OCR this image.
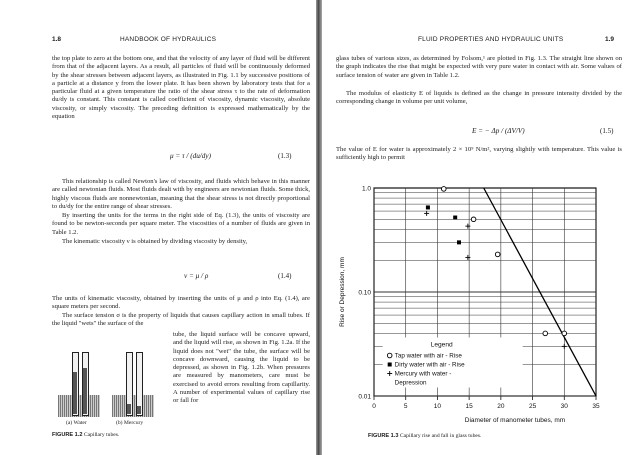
1.8	HANDBOOK OF HYDRAULICS
the top plate to zero at the bottom one, and that the velocity of any layer of fluid will be different from that of the adjacent layers. As a result, all particles of fluid will be continuously deformed by the shear stresses between adjacent layers, as illustrated in Fig. 1.1 by successive positions of a particle at a distance y from the lower plate. It has been shown by laboratory tests that for a particular fluid at a given temperature the ratio of the shear stress τ to the rate of deformation du/dy is constant. This constant is called coefficient of viscosity, dynamic viscosity, absolute viscosity, or simply viscosity. The preceding definition is expressed mathematically by the equation
μ = τ / (du/dy)	(1.3)
This relationship is called Newton's law of viscosity, and fluids which behave in this manner are called newtonian fluids. Most fluids dealt with by engineers are newtonian fluids. Some thick, highly viscous fluids are nonnewtonian, meaning that the shear stress is not directly proportional to du/dy for the entire range of shear stresses.
By inserting the units for the terms in the right side of Eq. (1.3), the units of viscosity are found to be newton-seconds per square meter. The viscosities of a number of fluids are given in Table 1.2.
The kinematic viscosity ν is obtained by dividing viscosity by density,
ν = μ / ρ	(1.4)
The units of kinematic viscosity, obtained by inserting the units of μ and ρ into Eq. (1.4), are square meters per second.
The surface tension σ is the property of liquids that causes capillary action in small tubes. If the liquid "wets" the surface of the
tube, the liquid surface will be concave upward, and the liquid will rise, as shown in Fig. 1.2a. If the liquid does not "wet" the tube, the surface will be concave downward, causing the liquid to be depressed, as shown in Fig. 1.2b. When pressures are measured by manometers, care must be exercised to avoid errors resulting from capillarity. A number of experimental values of capillary rise or fall for
(a) Water	(b) Mercury
FIGURE 1.2 Capillary tubes.
FLUID PROPERTIES AND HYDRAULIC UNITS	1.9
glass tubes of various sizes, as determined by Folsom,¹ are plotted in Fig. 1.3. The straight line shown on the graph indicates the rise that might be expected with very pure water in contact with air. Some values of surface tension of water are given in Table 1.2.
The modulus of elasticity E of liquids is defined as the change in pressure intensity divided by the corresponding change in volume per unit volume,
E = − Δp / (ΔV/V)	(1.5)
The value of E for water is approximately 2 × 10⁹ N/m², varying slightly with temperature. This value is sufficiently high to permit
0	5	10	15	20	25	30	35
1.0
0.10
0.01
Diameter of manometer tubes, mm
Rise or Depression, mm
Legend
Tap water with air - Rise
Dirty water with air - Rise
Mercury with water -
Depression
FIGURE 1.3 Capillary rise and fall in glass tubes.
